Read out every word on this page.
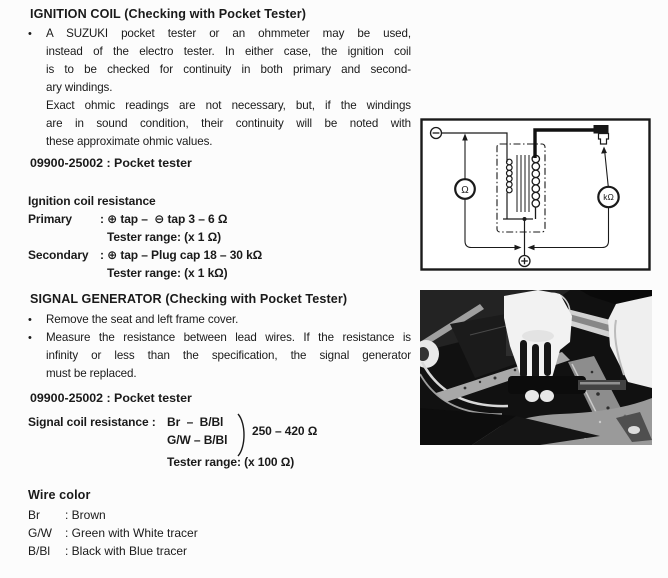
IGNITION COIL (Checking with Pocket Tester)
•	A SUZUKI pocket tester or an ohmmeter may be used,
instead of the electro tester. In either case, the ignition coil
is to be checked for continuity in both primary and second-
ary windings.
Exact ohmic readings are not necessary, but, if the windings
are in sound condition, their continuity will be noted with
these approximate ohmic values.
09900-25002 : Pocket tester
Ignition coil resistance
Primary	: ⊕ tap –  ⊖ tap 3 – 6 Ω
Tester range: (x 1 Ω)
Secondary : ⊕ tap – Plug cap 18 – 30 kΩ
Tester range: (x 1 kΩ)
SIGNAL GENERATOR (Checking with Pocket Tester)
•	Remove the seat and left frame cover.
•	Measure the resistance between lead wires. If the resistance is
infinity or less than the specification, the signal generator
must be replaced.
09900-25002 : Pocket tester
Signal coil resistance : Br  –  B/Bl
G/W – B/Bl
250 – 420 Ω
Tester range: (x 100 Ω)
Wire color
Br	: Brown
G/W	: Green with White tracer
B/Bl	: Black with Blue tracer
Ω
kΩ
